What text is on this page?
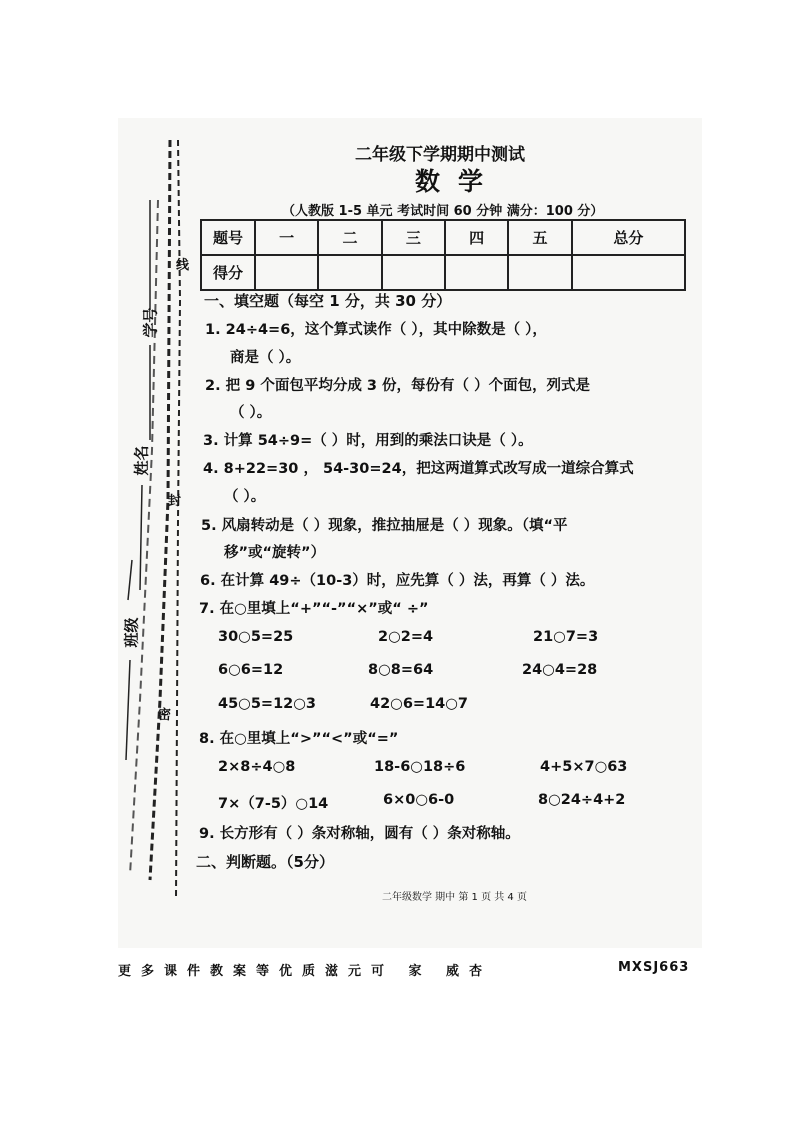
学号
姓名
班级
线
封
密
二年级下学期期中测试
数学
（人教版 1-5 单元 考试时间 60 分钟 满分：100 分）
题号	一	二	三	四	五	总分
得分						
一、填空题（每空 1 分，共 30 分）
1. 24÷4=6，这个算式读作（ ），其中除数是（ ），
商是（ ）。
2. 把 9 个面包平均分成 3 份，每份有（ ）个面包，列式是
（ ）。
3. 计算 54÷9=（ ）时，用到的乘法口诀是（ ）。
4. 8+22=30 ， 54-30=24，把这两道算式改写成一道综合算式
（ ）。
5. 风扇转动是（ ）现象，推拉抽屉是（ ）现象。（填“平
移”或“旋转”）
6. 在计算 49÷（10-3）时，应先算（ ）法，再算（ ）法。
7. 在○里填上“+”“-”“×”或“ ÷”
30○5=25	2○2=4	21○7=3
6○6=12	8○8=64	24○4=28
45○5=12○3	42○6=14○7
8. 在○里填上“>”“<”或“=”
2×8÷4○8	18-6○18÷6	4+5×7○63
7×（7-5）○14	6×0○6-0	8○24÷4+2
9. 长方形有（ ）条对称轴，圆有（ ）条对称轴。
二、判断题。（5分）
二年级数学 期中 第 1 页 共 4 页
更多课件教案等优质滋元可 家 威杏	MXSJ663
